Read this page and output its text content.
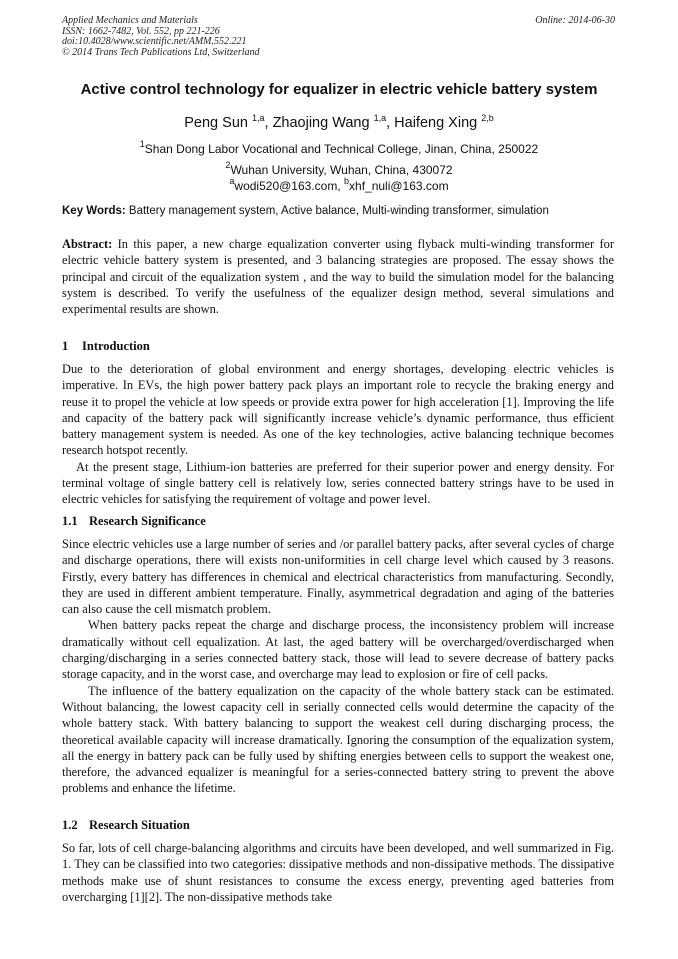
Applied Mechanics and Materials
ISSN: 1662-7482, Vol. 552, pp 221-226
doi:10.4028/www.scientific.net/AMM.552.221
© 2014 Trans Tech Publications Ltd, Switzerland
Online: 2014-06-30
Active control technology for equalizer in electric vehicle battery system
Peng Sun $^{1,a}$, Zhaojing Wang $^{1,a}$, Haifeng Xing $^{2,b}$
$^1$Shan Dong Labor Vocational and Technical College, Jinan, China, 250022
$^2$Wuhan University, Wuhan, China, 430072
$^a$wodi520@163.com, $^b$xhf_nuli@163.com
Key Words: Battery management system, Active balance, Multi-winding transformer, simulation

Abstract: In this paper, a new charge equalization converter using flyback multi-winding transformer for electric vehicle battery system is presented, and 3 balancing strategies are proposed. The essay shows the principal and circuit of the equalization system , and the way to build the simulation model for the balancing system is described. To verify the usefulness of the equalizer design method, several simulations and experimental results are shown.

1 Introduction

Due to the deterioration of global environment and energy shortages, developing electric vehicles is imperative. In EVs, the high power battery pack plays an important role to recycle the braking energy and reuse it to propel the vehicle at low speeds or provide extra power for high acceleration [1]. Improving the life and capacity of the battery pack will significantly increase vehicle’s dynamic performance, thus efficient battery management system is needed. As one of the key technologies, active balancing technique becomes research hotspot recently.

At the present stage, Lithium-ion batteries are preferred for their superior power and energy density. For terminal voltage of single battery cell is relatively low, series connected battery strings have to be used in electric vehicles for satisfying the requirement of voltage and power level.

1.1 Research Significance

Since electric vehicles use a large number of series and /or parallel battery packs, after several cycles of charge and discharge operations, there will exists non-uniformities in cell charge level which caused by 3 reasons. Firstly, every battery has differences in chemical and electrical characteristics from manufacturing. Secondly, they are used in different ambient temperature. Finally, asymmetrical degradation and aging of the batteries can also cause the cell mismatch problem.

When battery packs repeat the charge and discharge process, the inconsistency problem will increase dramatically without cell equalization. At last, the aged battery will be overcharged/overdischarged when charging/discharging in a series connected battery stack, those will lead to severe decrease of battery packs storage capacity, and in the worst case, and overcharge may lead to explosion or fire of cell packs.

The influence of the battery equalization on the capacity of the whole battery stack can be estimated. Without balancing, the lowest capacity cell in serially connected cells would determine the capacity of the whole battery stack. With battery balancing to support the weakest cell during discharging process, the theoretical available capacity will increase dramatically. Ignoring the consumption of the equalization system, all the energy in battery pack can be fully used by shifting energies between cells to support the weakest one, therefore, the advanced equalizer is meaningful for a series-connected battery string to prevent the above problems and enhance the lifetime.

1.2 Research Situation

So far, lots of cell charge-balancing algorithms and circuits have been developed, and well summarized in Fig. 1. They can be classified into two categories: dissipative methods and non-dissipative methods. The dissipative methods make use of shunt resistances to consume the excess energy, preventing aged batteries from overcharging [1][2]. The non-dissipative methods take
